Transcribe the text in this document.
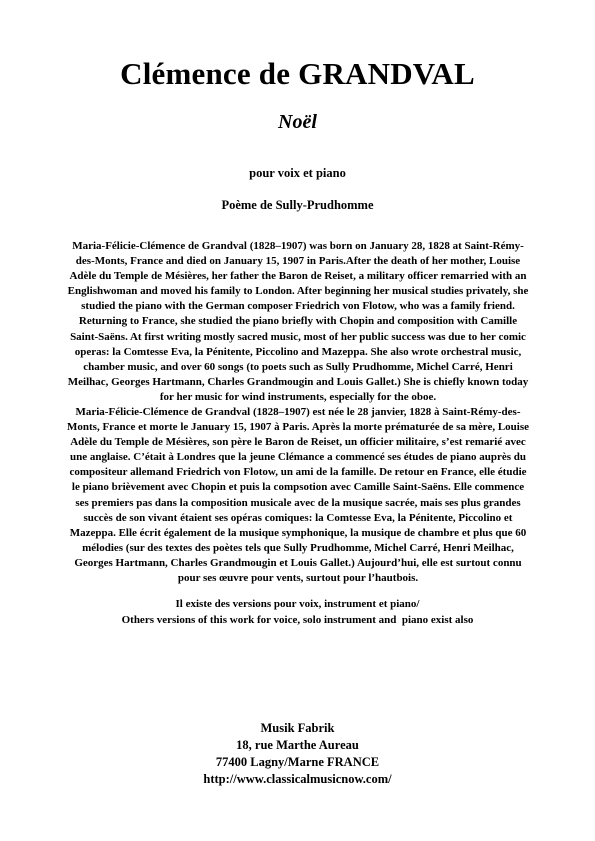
Clémence de GRANDVAL
Noël
pour voix et piano
Poème de Sully-Prudhomme

Maria-Félicie-Clémence de Grandval (1828–1907) was born on January 28, 1828 at Saint-Rémy-des-Monts, France and died on January 15, 1907 in Paris.After the death of her mother, Louise Adèle du Temple de Mésières, her father the Baron de Reiset, a military officer remarried with an Englishwoman and moved his family to London. After beginning her musical studies privately, she studied the piano with the German composer Friedrich von Flotow, who was a family friend. Returning to France, she studied the piano briefly with Chopin and composition with Camille Saint-Saëns. At first writing mostly sacred music, most of her public success was due to her comic operas: la Comtesse Eva, la Pénitente, Piccolino and Mazeppa. She also wrote orchestral music, chamber music, and over 60 songs (to poets such as Sully Prudhomme, Michel Carré, Henri Meilhac, Georges Hartmann, Charles Grandmougin and Louis Gallet.) She is chiefly known today for her music for wind instruments, especially for the oboe.

Maria-Félicie-Clémence de Grandval (1828–1907) est née le 28 janvier, 1828 à Saint-Rémy-des-Monts, France et morte le January 15, 1907 à Paris. Après la morte prématurée de sa mère, Louise Adèle du Temple de Mésières, son père le Baron de Reiset, un officier militaire, s’est remarié avec une anglaise. C’était à Londres que la jeune Clémance a commencé ses études de piano auprès du compositeur allemand Friedrich von Flotow, un ami de la famille. De retour en France, elle étudie le piano brièvement avec Chopin et puis la compsotion avec Camille Saint-Saëns. Elle commence ses premiers pas dans la composition musicale avec de la musique sacrée, mais ses plus grandes succès de son vivant étaient ses opéras comiques: la Comtesse Eva, la Pénitente, Piccolino et Mazeppa. Elle écrit également de la musique symphonique, la musique de chambre et plus que 60 mélodies (sur des textes des poètes tels que Sully Prudhomme, Michel Carré, Henri Meilhac, Georges Hartmann, Charles Grandmougin et Louis Gallet.) Aujourd’hui, elle est surtout connu pour ses œuvre pour vents, surtout pour l’hautbois.

Il existe des versions pour voix, instrument et piano/
Others versions of this work for voice, solo instrument and  piano exist also
Musik Fabrik
18, rue Marthe Aureau
77400 Lagny/Marne FRANCE
http://www.classicalmusicnow.com/
